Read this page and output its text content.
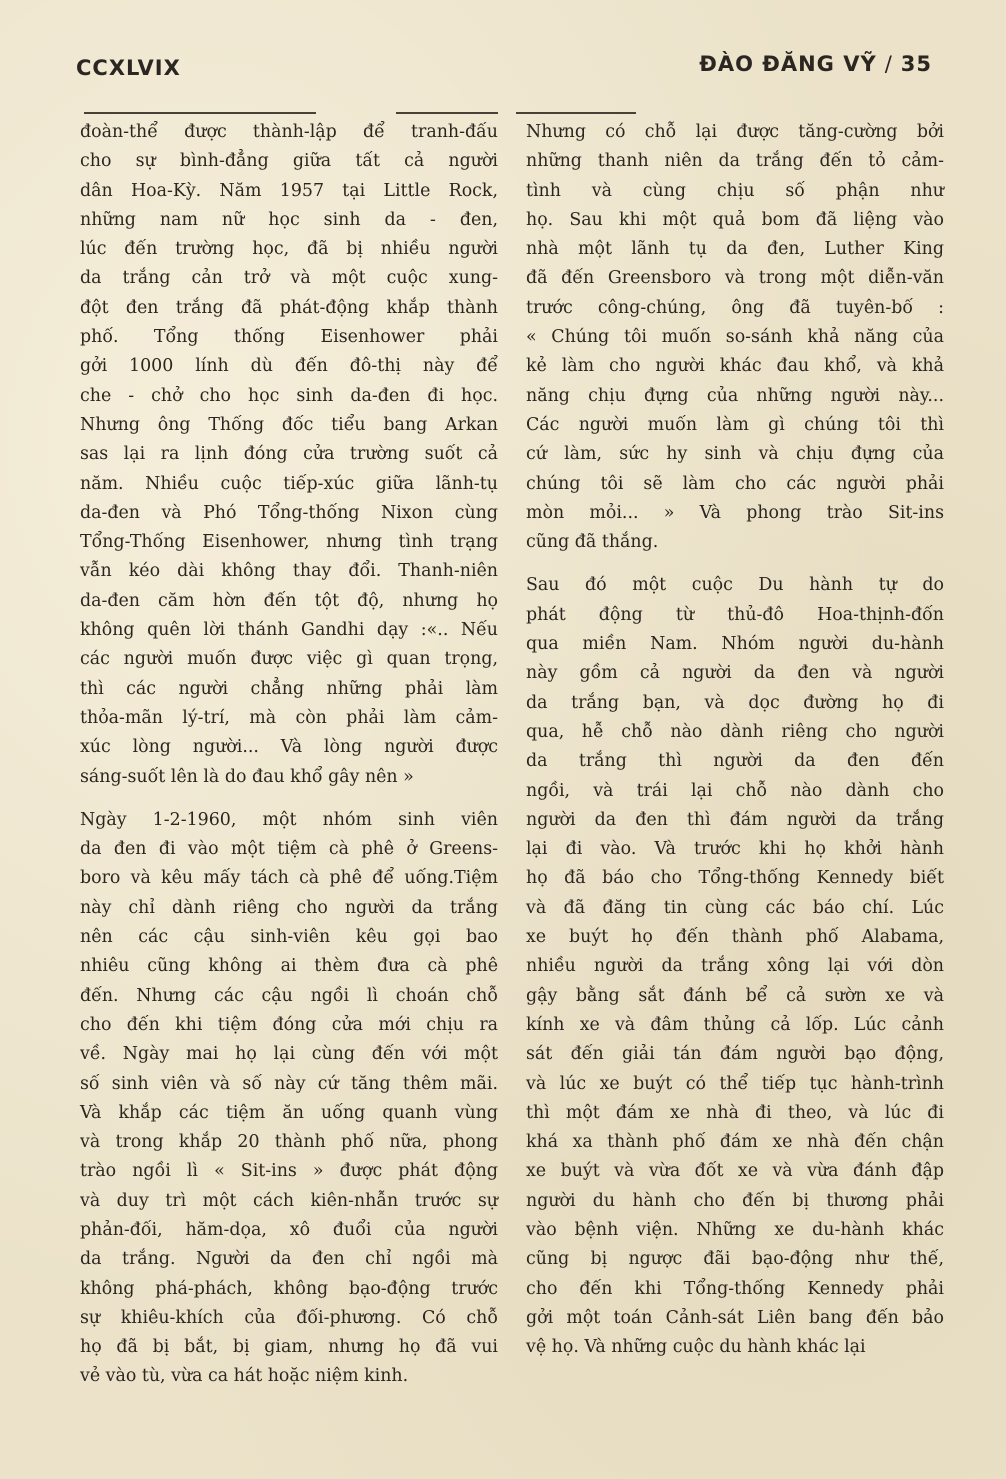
CCXLVIX	ĐÀO ĐĂNG VỸ / 35

đoàn-thể được thành-lập để tranh-đấu
cho sự bình-đẳng giữa tất cả người
dân Hoa-Kỳ. Năm 1957 tại Little Rock,
những nam nữ học sinh da - đen,
lúc đến trường học, đã bị nhiều người
da trắng cản trở và một cuộc xung-
đột đen trắng đã phát-động khắp thành
phố. Tổng thống Eisenhower phải
gởi 1000 lính dù đến đô-thị này để
che - chở cho học sinh da-đen đi học.
Nhưng ông Thống đốc tiểu bang Arkan
sas lại ra lịnh đóng cửa trường suốt cả
năm. Nhiều cuộc tiếp-xúc giữa lãnh-tụ
da-đen và Phó Tổng-thống Nixon cùng
Tổng-Thống Eisenhower, nhưng tình trạng
vẫn kéo dài không thay đổi. Thanh-niên
da-đen căm hờn đến tột độ, nhưng họ
không quên lời thánh Gandhi dạy :«.. Nếu
các người muốn được việc gì quan trọng,
thì các người chẳng những phải làm
thỏa-mãn lý-trí, mà còn phải làm cảm-
xúc lòng người... Và lòng người được
sáng-suốt lên là do đau khổ gây nên »

Ngày 1-2-1960, một nhóm sinh viên
da đen đi vào một tiệm cà phê ở Greens-
boro và kêu mấy tách cà phê để uống.Tiệm
này chỉ dành riêng cho người da trắng
nên các cậu sinh-viên kêu gọi bao
nhiêu cũng không ai thèm đưa cà phê
đến. Nhưng các cậu ngồi lì choán chỗ
cho đến khi tiệm đóng cửa mới chịu ra
về. Ngày mai họ lại cùng đến với một
số sinh viên và số này cứ tăng thêm mãi.
Và khắp các tiệm ăn uống quanh vùng
và trong khắp 20 thành phố nữa, phong
trào ngồi lì « Sit-ins » được phát động
và duy trì một cách kiên-nhẫn trước sự
phản-đối, hăm-dọa, xô đuổi của người
da trắng. Người da đen chỉ ngồi mà
không phá-phách, không bạo-động trước
sự khiêu-khích của đối-phương. Có chỗ
họ đã bị bắt, bị giam, nhưng họ đã vui
vẻ vào tù, vừa ca hát hoặc niệm kinh.

Nhưng có chỗ lại được tăng-cường bởi
những thanh niên da trắng đến tỏ cảm-
tình và cùng chịu số phận như
họ. Sau khi một quả bom đã liệng vào
nhà một lãnh tụ da đen, Luther King
đã đến Greensboro và trong một diễn-văn
trước công-chúng, ông đã tuyên-bố :
« Chúng tôi muốn so-sánh khả năng của
kẻ làm cho người khác đau khổ, và khả
năng chịu đựng của những người này...
Các người muốn làm gì chúng tôi thì
cứ làm, sức hy sinh và chịu đựng của
chúng tôi sẽ làm cho các người phải
mòn mỏi... » Và phong trào Sit-ins
cũng đã thắng.

Sau đó một cuộc Du hành tự do
phát động từ thủ-đô Hoa-thịnh-đốn
qua miền Nam. Nhóm người du-hành
này gồm cả người da đen và người
da trắng bạn, và dọc đường họ đi
qua, hễ chỗ nào dành riêng cho người
da trắng thì người da đen đến
ngồi, và trái lại chỗ nào dành cho
người da đen thì đám người da trắng
lại đi vào. Và trước khi họ khởi hành
họ đã báo cho Tổng-thống Kennedy biết
và đã đăng tin cùng các báo chí. Lúc
xe buýt họ đến thành phố Alabama,
nhiều người da trắng xông lại với dòn
gậy bằng sắt đánh bể cả sườn xe và
kính xe và đâm thủng cả lốp. Lúc cảnh
sát đến giải tán đám người bạo động,
và lúc xe buýt có thể tiếp tục hành-trình
thì một đám xe nhà đi theo, và lúc đi
khá xa thành phố đám xe nhà đến chận
xe buýt và vừa đốt xe và vừa đánh đập
người du hành cho đến bị thương phải
vào bệnh viện. Những xe du-hành khác
cũng bị ngược đãi bạo-động như thế,
cho đến khi Tổng-thống Kennedy phải
gởi một toán Cảnh-sát Liên bang đến bảo
vệ họ. Và những cuộc du hành khác lại
